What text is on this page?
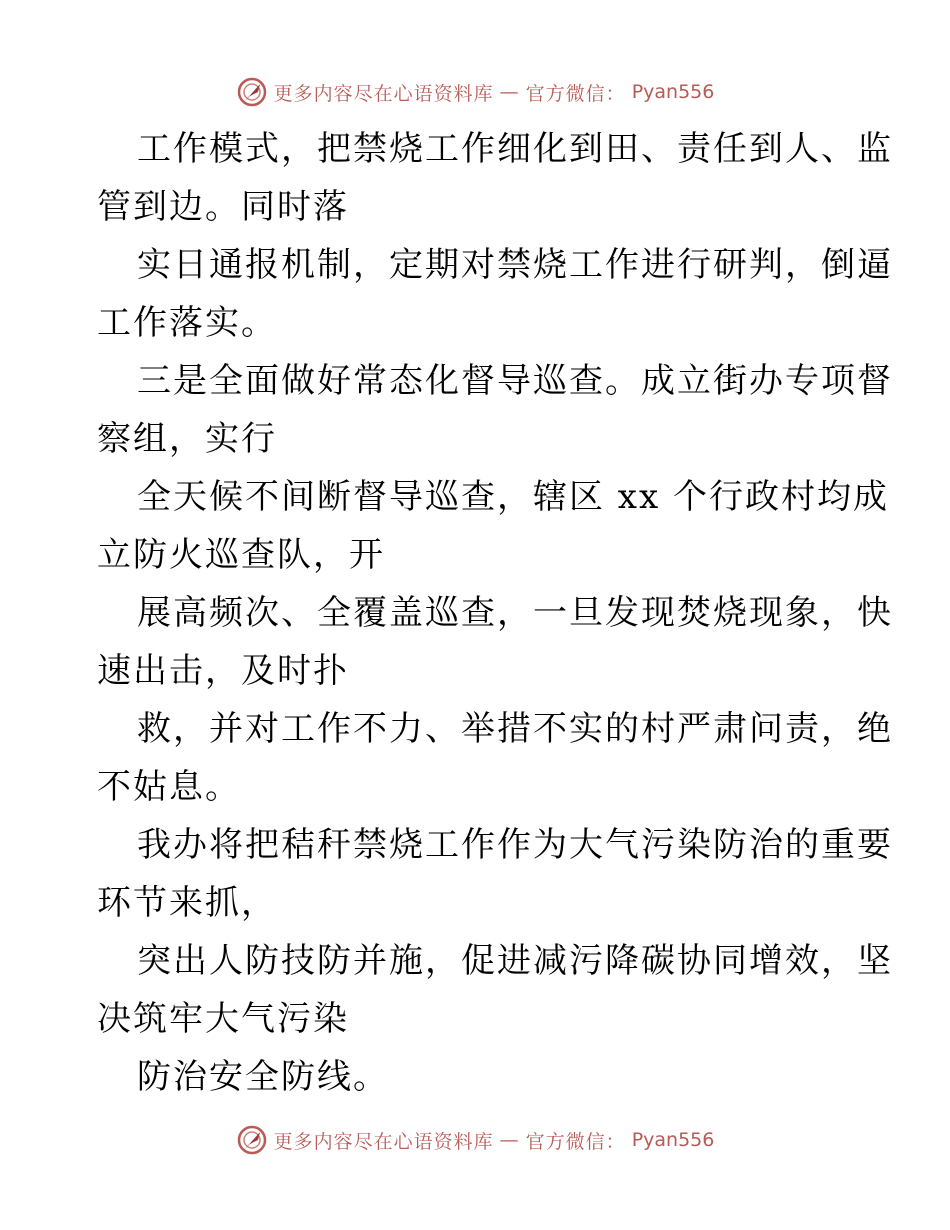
更多内容尽在心语资料库 — 官方微信： Pyan556
工作模式，把禁烧工作细化到田、责任到人、监
管到边。同时落
实日通报机制，定期对禁烧工作进行研判，倒逼
工作落实。
三是全面做好常态化督导巡查。成立街办专项督
察组，实行
全天候不间断督导巡查，辖区 xx 个行政村均成
立防火巡查队，开
展高频次、全覆盖巡查，一旦发现焚烧现象，快
速出击，及时扑
救，并对工作不力、举措不实的村严肃问责，绝
不姑息。
我办将把秸秆禁烧工作作为大气污染防治的重要
环节来抓，
突出人防技防并施，促进减污降碳协同增效，坚
决筑牢大气污染
防治安全防线。
更多内容尽在心语资料库 — 官方微信： Pyan556
